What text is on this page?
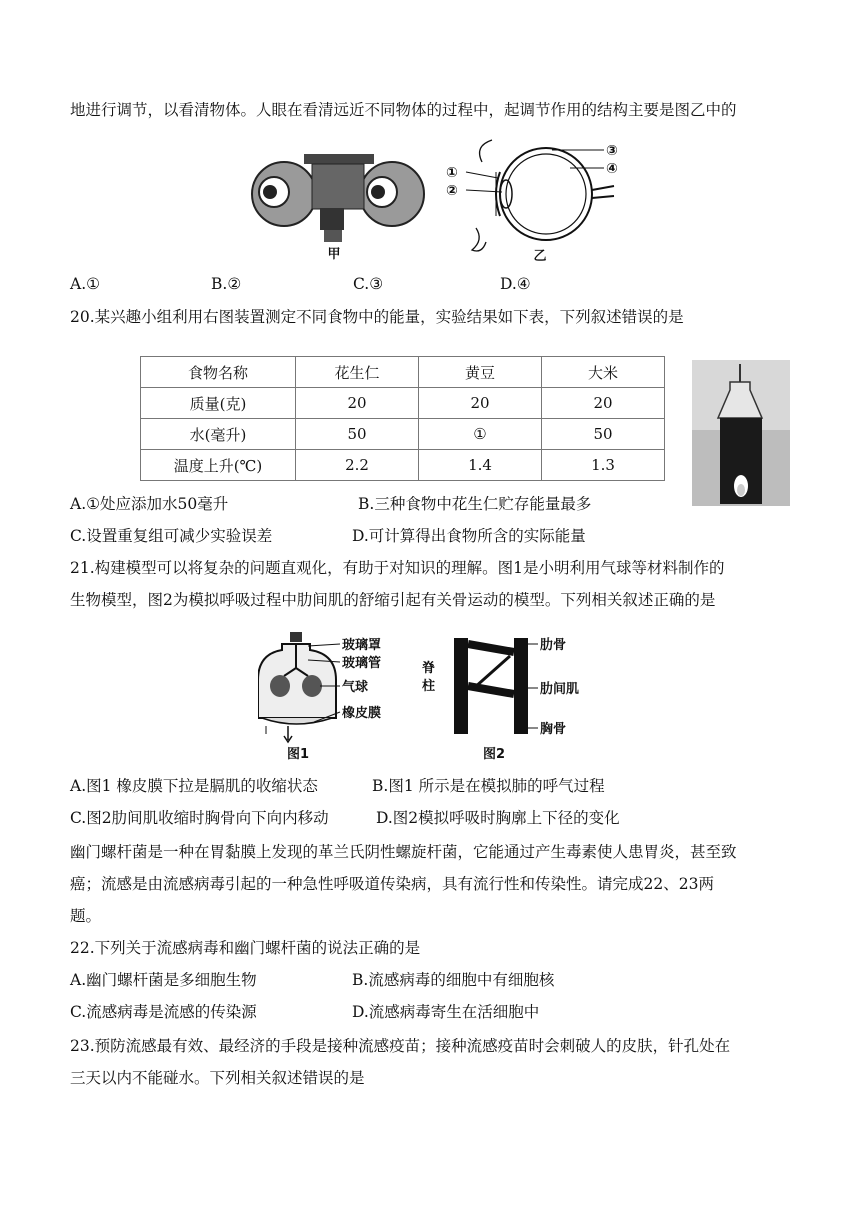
地进行调节，以看清物体。人眼在看清远近不同物体的过程中，起调节作用的结构主要是图乙中的
甲
①
②
③
④
乙
A.①	B.②	C.③	D.④
20.某兴趣小组利用右图装置测定不同食物中的能量，实验结果如下表，下列叙述错误的是
食物名称	花生仁	黄豆	大米
质量(克)	20	20	20
水(毫升)	50	①	50
温度上升(℃)	2.2	1.4	1.3
A.①处应添加水50毫升	B.三种食物中花生仁贮存能量最多
C.设置重复组可减少实验误差	D.可计算得出食物所含的实际能量
21.构建模型可以将复杂的问题直观化，有助于对知识的理解。图1是小明利用气球等材料制作的
生物模型，图2为模拟呼吸过程中肋间肌的舒缩引起有关骨运动的模型。下列相关叙述正确的是
玻璃罩
玻璃管
气球
橡皮膜
图1
脊
柱
肋骨
肋间肌
胸骨
图2
A.图1 橡皮膜下拉是膈肌的收缩状态	B.图1 所示是在模拟肺的呼气过程
C.图2肋间肌收缩时胸骨向下向内移动	D.图2模拟呼吸时胸廓上下径的变化
幽门螺杆菌是一种在胃黏膜上发现的革兰氏阴性螺旋杆菌，它能通过产生毒素使人患胃炎，甚至致
癌；流感是由流感病毒引起的一种急性呼吸道传染病，具有流行性和传染性。请完成22、23两
题。
22.下列关于流感病毒和幽门螺杆菌的说法正确的是
A.幽门螺杆菌是多细胞生物	B.流感病毒的细胞中有细胞核
C.流感病毒是流感的传染源	D.流感病毒寄生在活细胞中
23.预防流感最有效、最经济的手段是接种流感疫苗；接种流感疫苗时会刺破人的皮肤，针孔处在
三天以内不能碰水。下列相关叙述错误的是
